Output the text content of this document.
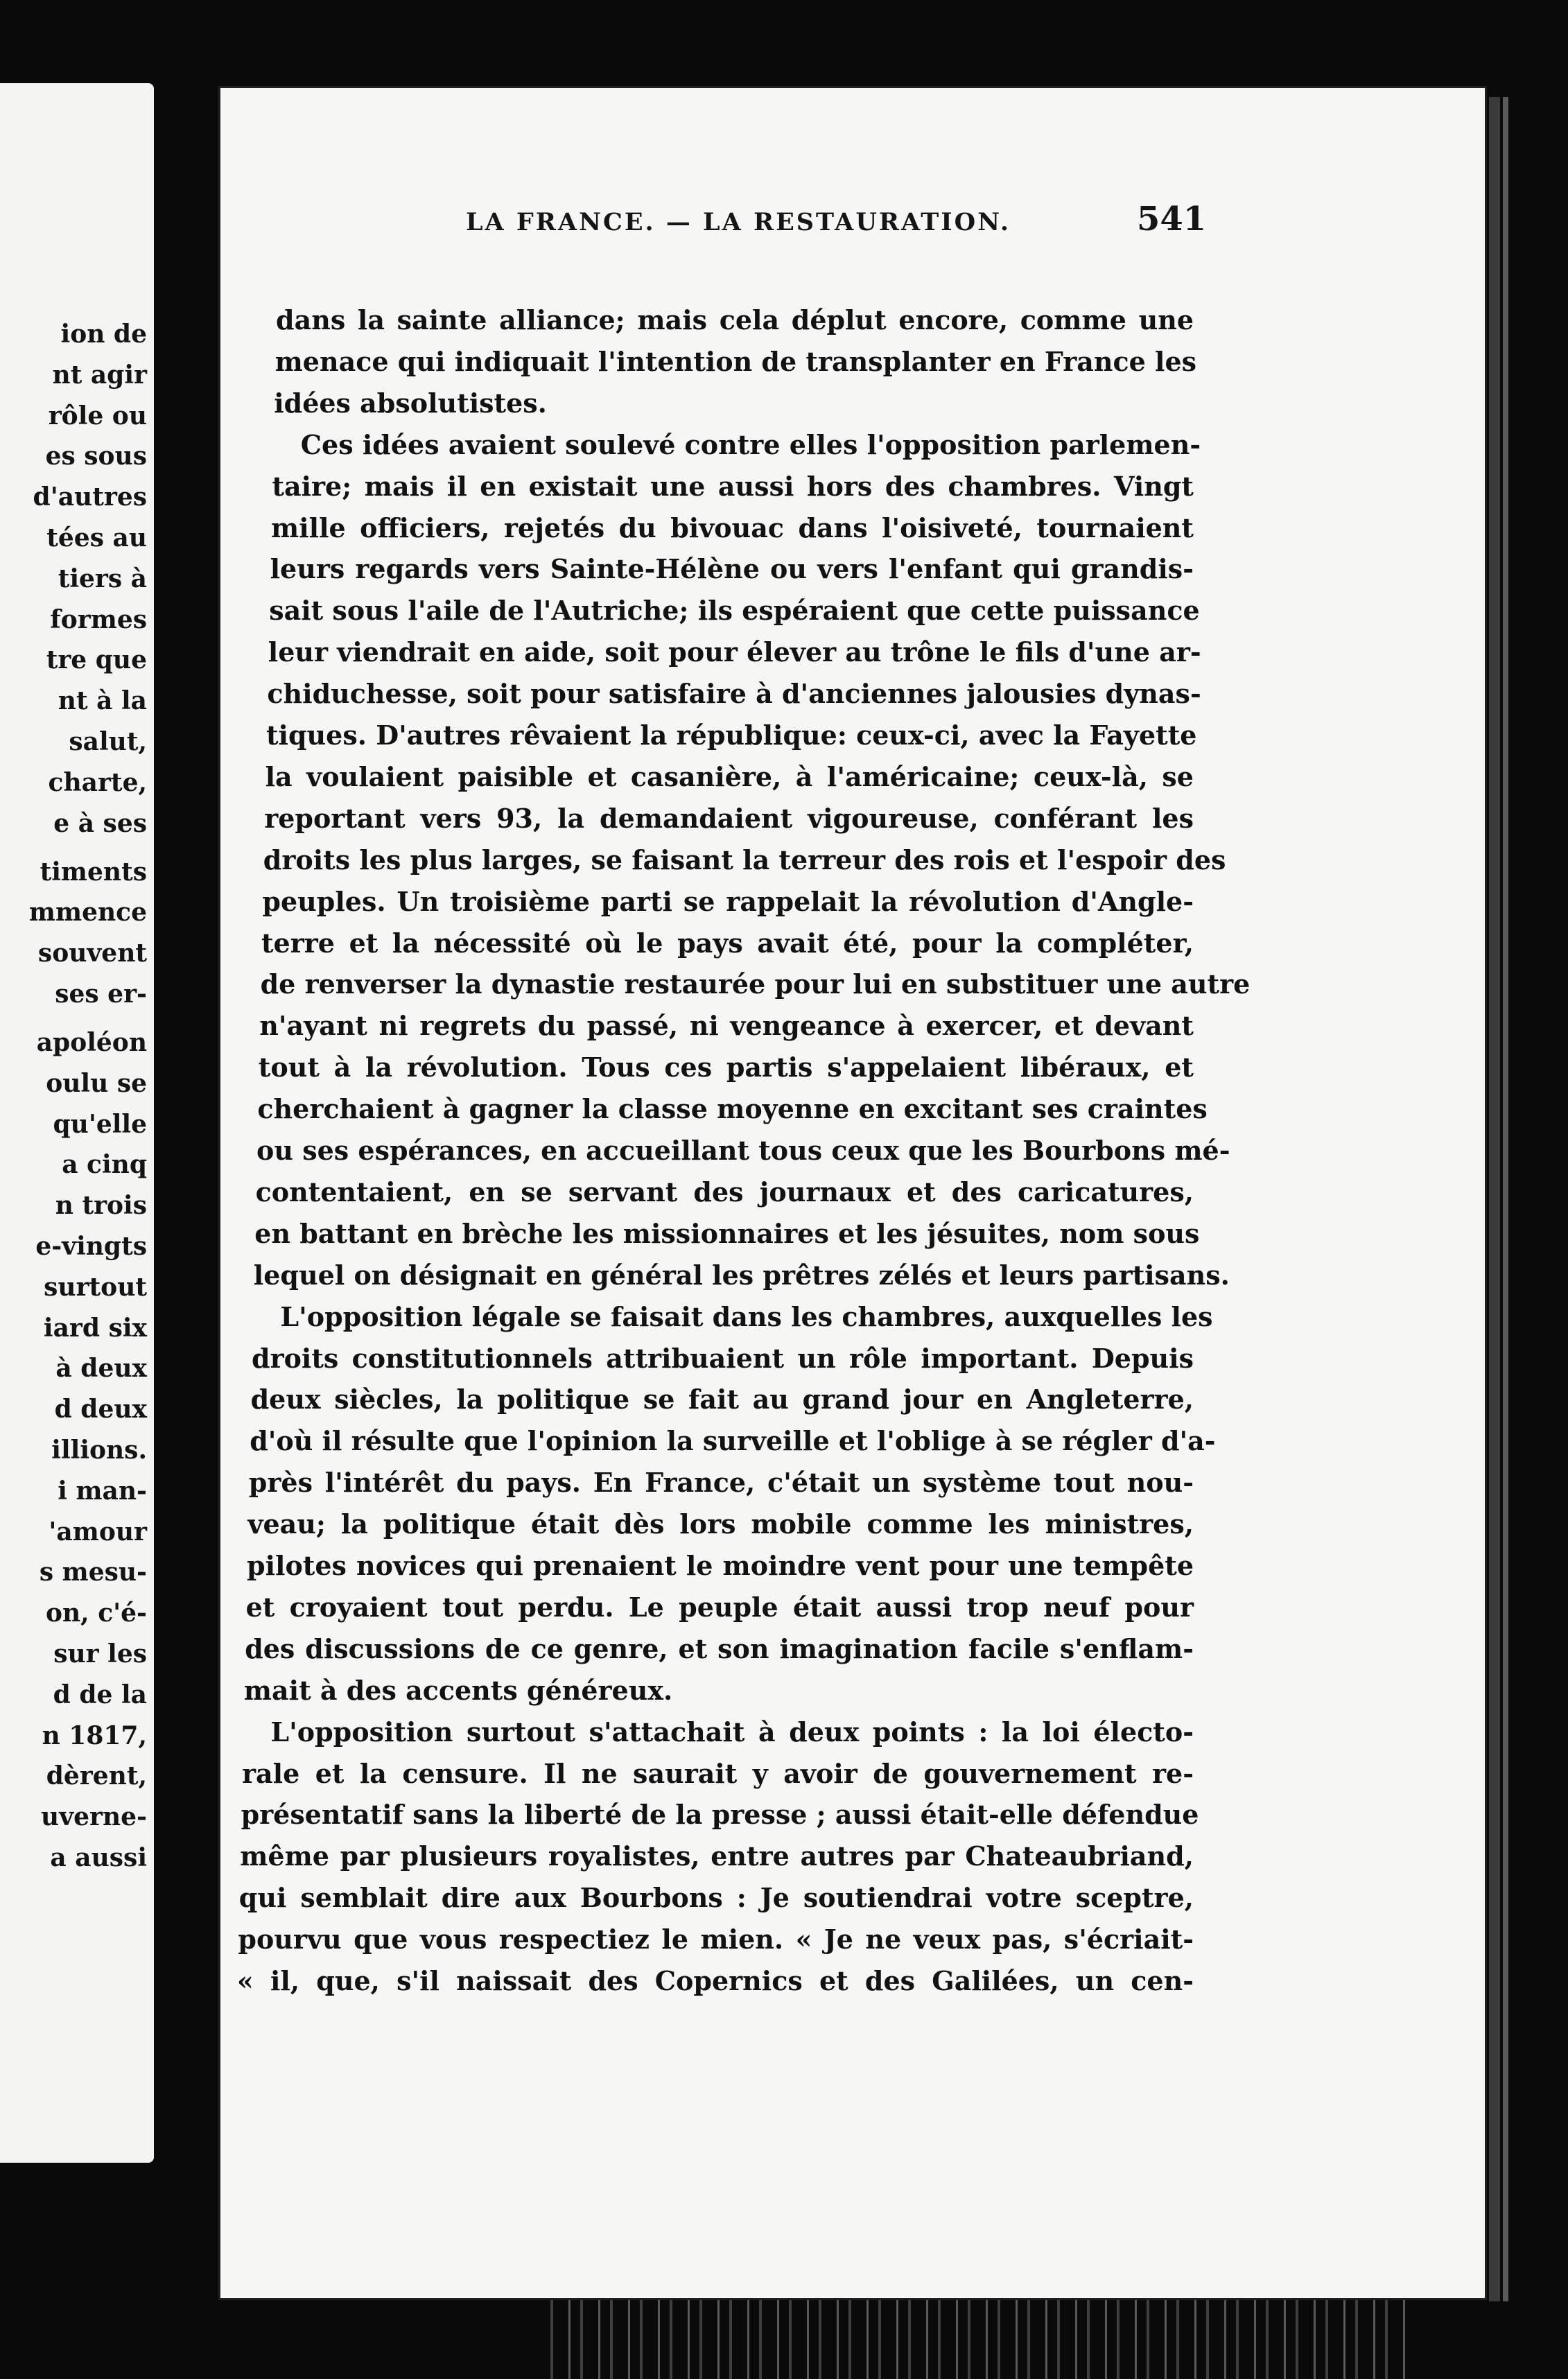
ion de
nt agir
rôle ou
es sous
d'autres
tées au
tiers à
formes
tre que
nt à la
salut,
charte,
e à ses
timents
mmence
souvent
ses er-
apoléon
oulu se
qu'elle
a cinq
n trois
e-vingts
surtout
iard six
à deux
d deux
illions.
i man-
'amour
s mesu-
on, c'é-
sur les
d de la
n 1817,
dèrent,
uverne-
a aussi
LA FRANCE. — LA RESTAURATION.	541
dans la sainte alliance; mais cela déplut encore, comme une
menace qui indiquait l'intention de transplanter en France les
idées absolutistes.
Ces idées avaient soulevé contre elles l'opposition parlemen-
taire; mais il en existait une aussi hors des chambres. Vingt
mille officiers, rejetés du bivouac dans l'oisiveté, tournaient
leurs regards vers Sainte-Hélène ou vers l'enfant qui grandis-
sait sous l'aile de l'Autriche; ils espéraient que cette puissance
leur viendrait en aide, soit pour élever au trône le fils d'une ar-
chiduchesse, soit pour satisfaire à d'anciennes jalousies dynas-
tiques. D'autres rêvaient la république: ceux-ci, avec la Fayette
la voulaient paisible et casanière, à l'américaine; ceux-là, se
reportant vers 93, la demandaient vigoureuse, conférant les
droits les plus larges, se faisant la terreur des rois et l'espoir des
peuples. Un troisième parti se rappelait la révolution d'Angle-
terre et la nécessité où le pays avait été, pour la compléter,
de renverser la dynastie restaurée pour lui en substituer une autre
n'ayant ni regrets du passé, ni vengeance à exercer, et devant
tout à la révolution. Tous ces partis s'appelaient libéraux, et
cherchaient à gagner la classe moyenne en excitant ses craintes
ou ses espérances, en accueillant tous ceux que les Bourbons mé-
contentaient, en se servant des journaux et des caricatures,
en battant en brèche les missionnaires et les jésuites, nom sous
lequel on désignait en général les prêtres zélés et leurs partisans.
L'opposition légale se faisait dans les chambres, auxquelles les
droits constitutionnels attribuaient un rôle important. Depuis
deux siècles, la politique se fait au grand jour en Angleterre,
d'où il résulte que l'opinion la surveille et l'oblige à se régler d'a-
près l'intérêt du pays. En France, c'était un système tout nou-
veau; la politique était dès lors mobile comme les ministres,
pilotes novices qui prenaient le moindre vent pour une tempête
et croyaient tout perdu. Le peuple était aussi trop neuf pour
des discussions de ce genre, et son imagination facile s'enflam-
mait à des accents généreux.
L'opposition surtout s'attachait à deux points : la loi électo-
rale et la censure. Il ne saurait y avoir de gouvernement re-
présentatif sans la liberté de la presse ; aussi était-elle défendue
même par plusieurs royalistes, entre autres par Chateaubriand,
qui semblait dire aux Bourbons : Je soutiendrai votre sceptre,
pourvu que vous respectiez le mien. « Je ne veux pas, s'écriait-
« il, que, s'il naissait des Copernics et des Galilées, un cen-
